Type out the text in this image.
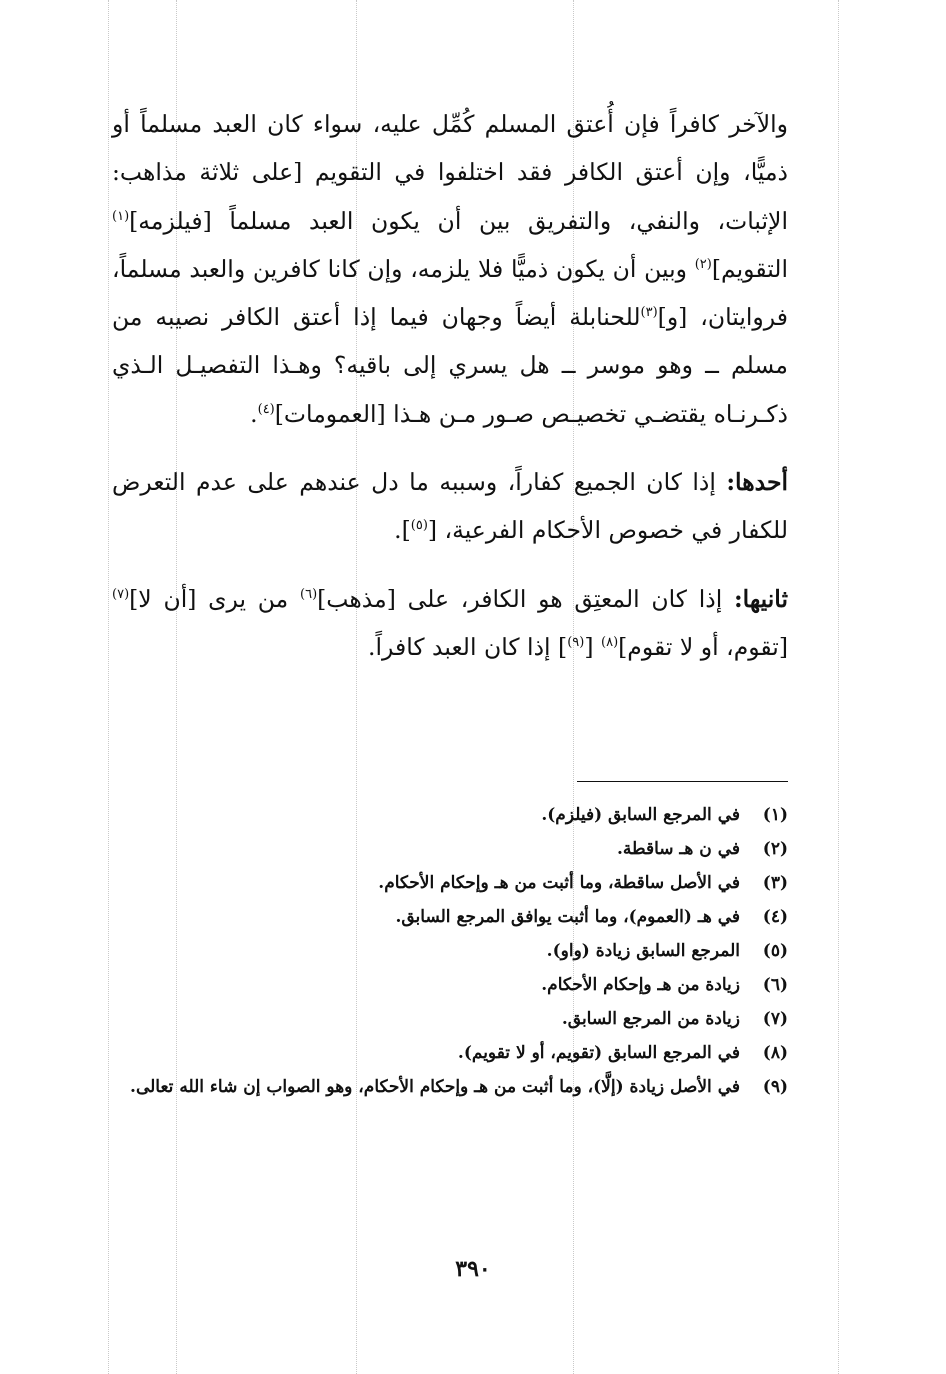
والآخر كافراً فإن أُعتق المسلم كُمِّل عليه، سواء كان العبد مسلماً أو ذميًّا، وإن أعتق الكافر فقد اختلفوا في التقويم [على ثلاثة مذاهب: الإثبات، والنفي، والتفريق بين أن يكون العبد مسلماً [فيلزمه]$^{(١)}$ التقويم]$^{(٢)}$ وبين أن يكون ذميًّا فلا يلزمه، وإن كانا كافرين والعبد مسلماً، فروايتان، [و]$^{(٣)}$للحنابلة أيضاً وجهان فيما إذا أعتق الكافر نصيبه من مسلم ــ وهو موسر ــ هل يسري إلى باقيه؟ وهـذا التفصيـل الـذي ذكـرنـاه يقتضـي تخصيـص صـور مـن هـذا [العمومات]$^{(٤)}$.

أحدها: إذا كان الجميع كفاراً، وسببه ما دل عندهم على عدم التعرض للكفار في خصوص الأحكام الفرعية، [$^{(٥)}$].

ثانيها: إذا كان المعتِق هو الكافر، على [مذهب]$^{(٦)}$ من يرى [أن لا]$^{(٧)}$ [تقوم، أو لا تقوم]$^{(٨)}$ [$^{(٩)}$] إذا كان العبد كافراً.

(١)
في المرجع السابق (فيلزم).
(٢)
في ن هـ ساقطة.
(٣)
في الأصل ساقطة، وما أثبت من هـ وإحكام الأحكام.
(٤)
في هـ (العموم)، وما أثبت يوافق المرجع السابق.
(٥)
المرجع السابق زيادة (واو).
(٦)
زيادة من هـ وإحكام الأحكام.
(٧)
زيادة من المرجع السابق.
(٨)
في المرجع السابق (تقويم، أو لا تقويم).
(٩)
في الأصل زيادة (إلَّا)، وما أثبت من هـ وإحكام الأحكام، وهو الصواب إن شاء الله تعالى.
٣٩٠
